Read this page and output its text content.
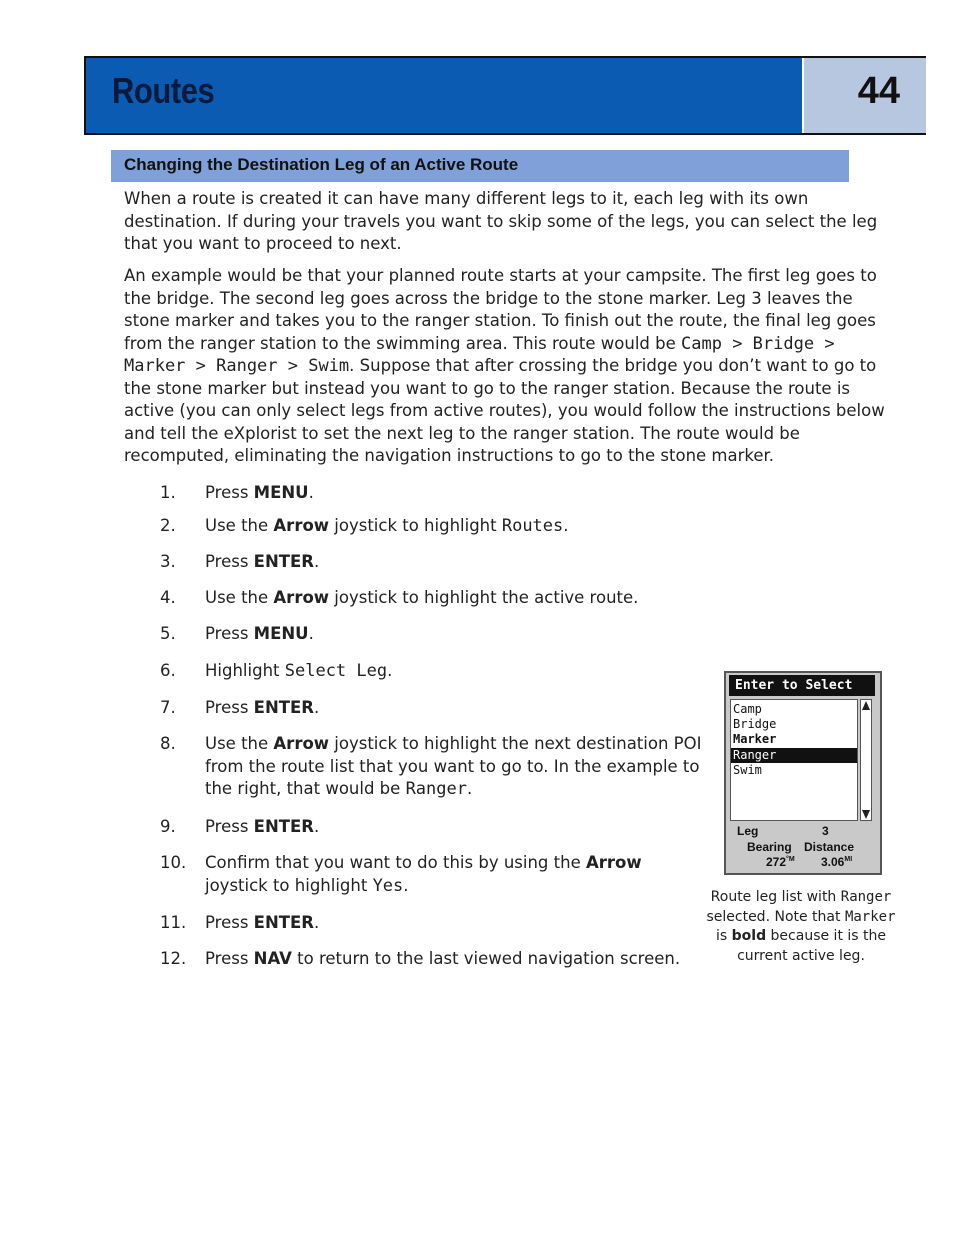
Routes	44
Changing the Destination Leg of an Active Route
When a route is created it can have many different legs to it, each leg with its own destination. If during your travels you want to skip some of the legs, you can select the leg that you want to proceed to next.
An example would be that your planned route starts at your campsite. The first leg goes to the bridge. The second leg goes across the bridge to the stone marker. Leg 3 leaves the stone marker and takes you to the ranger station. To finish out the route, the final leg goes from the ranger station to the swimming area. This route would be Camp > Bridge > Marker > Ranger > Swim. Suppose that after crossing the bridge you don’t want to go to the stone marker but instead you want to go to the ranger station. Because the route is active (you can only select legs from active routes), you would follow the instructions below and tell the eXplorist to set the next leg to the ranger station. The route would be recomputed, eliminating the navigation instructions to go to the stone marker.
1. Press MENU.
2. Use the Arrow joystick to highlight Routes.
3. Press ENTER.
4. Use the Arrow joystick to highlight the active route.
5. Press MENU.
6. Highlight Select Leg.
7. Press ENTER.
8. Use the Arrow joystick to highlight the next destination POI from the route list that you want to go to. In the example to the right, that would be Ranger.
9. Press ENTER.
10. Confirm that you want to do this by using the Arrow joystick to highlight Yes.
11. Press ENTER.
12. Press NAV to return to the last viewed navigation screen.
Enter to Select
Camp
Bridge
Marker
Ranger
Swim
Leg	3
Bearing Distance
$272^{^\circ M}$ $3.06^{MI}$
Route leg list with Ranger selected. Note that Marker is bold because it is the current active leg.
